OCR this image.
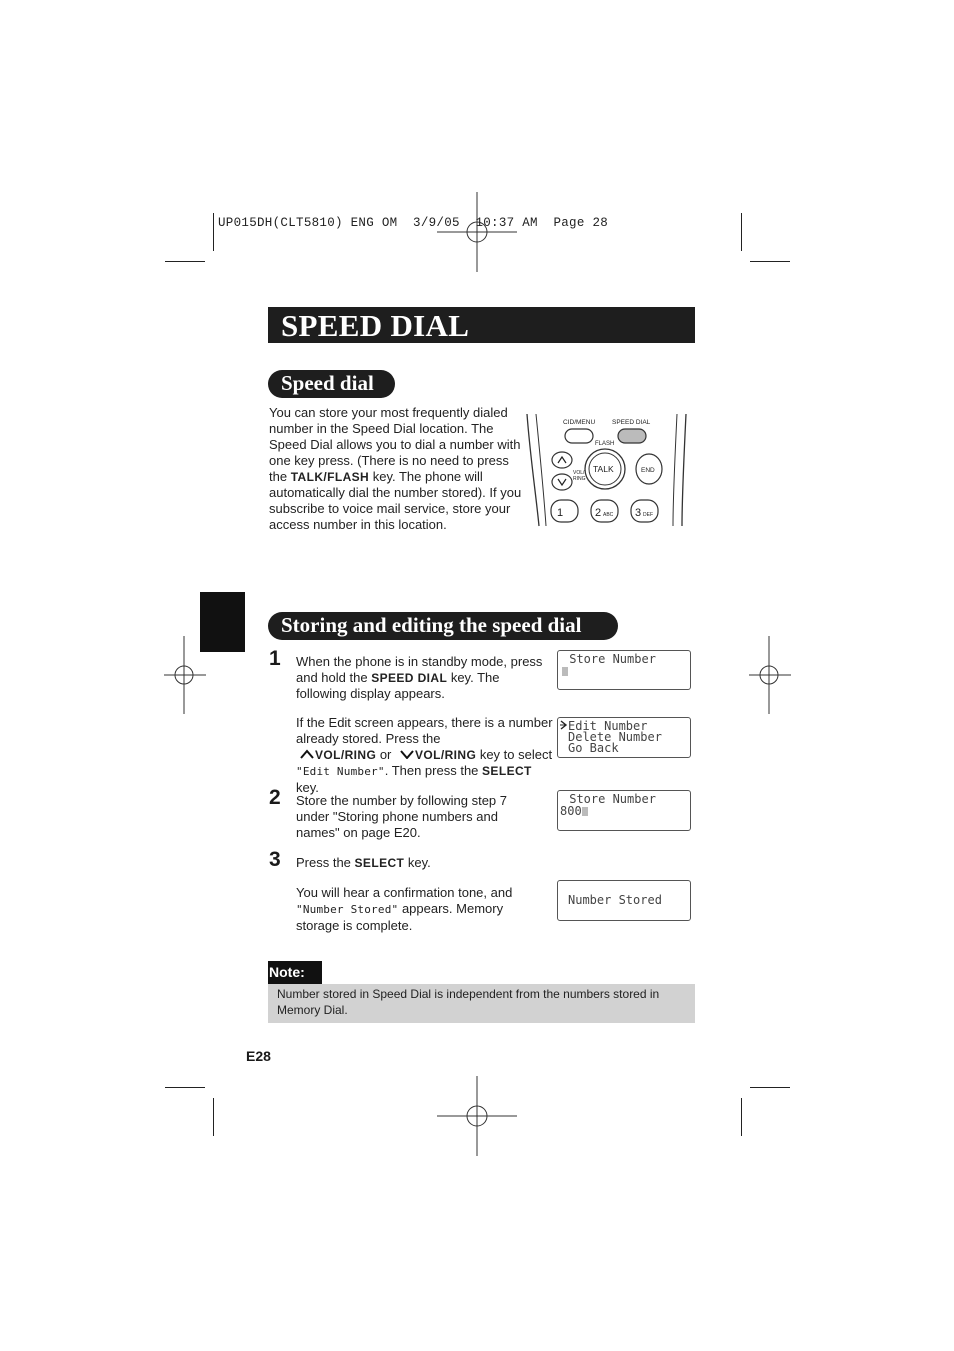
UP015DH(CLT5810) ENG OM  3/9/05  10:37 AM  Page 28
SPEED DIAL
Speed dial
You can store your most frequently dialed number in the Speed Dial location. The Speed Dial allows you to dial a number with one key press. (There is no need to press the TALK/FLASH key. The phone will automatically dial the number stored). If you subscribe to voice mail service, store your access number in this location.
CID/MENU	SPEED DIAL
FLASH
VOL/
RING
TALK	END
1	2 ABC 3 DEF
Storing and editing the speed dial
1 When the phone is in standby mode, press and hold the SPEED DIAL key. The following display appears.
If the Edit screen appears, there is a number already stored. Press the
VOL/RING or VOL/RING key to select
"Edit Number". Then press the SELECT key.
2 Store the number by following step 7 under "Storing phone numbers and names" on page E20.
3 Press the SELECT key.
You will hear a confirmation tone, and
"Number Stored" appears. Memory storage is complete.

Store Number

Edit Number

Delete Number

Go Back

Store Number

800

Number Stored

Note:
Number stored in Speed Dial is independent from the numbers stored in Memory Dial.
E28
